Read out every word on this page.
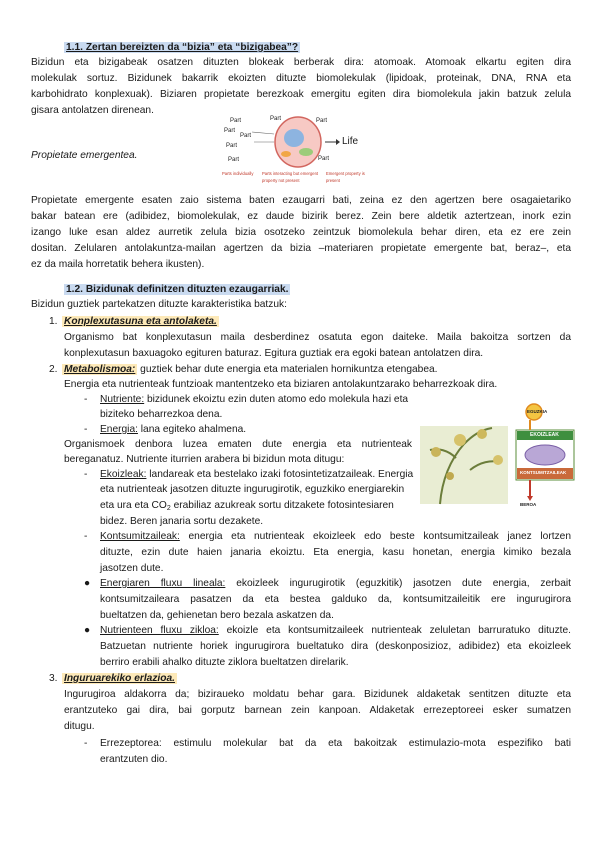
1.1. Zertan bereizten da “bizia” eta “bizigabea”?
Bizidun eta bizigabeak osatzen dituzten blokeak berberak dira: atomoak. Atomoak elkartu egiten dira
molekulak sortuz. Bizidunek bakarrik ekoizten dituzte biomolekulak (lipidoak, proteinak, DNA, RNA eta
karbohidrato konplexuak). Biziaren propietate berezkoak emergitu egiten dira biomolekula jakin batzuk zelula
gisara antolatzen direnean.
Propietate emergentea.
Part
Part
Part
Part
Part
Part	Part
Part
Life
Parts individually	Parts interacting but emergent property not present
Emergent property is present
Propietate emergente esaten zaio sistema baten ezaugarri bati, zeina ez den agertzen bere osagaietariko
bakar batean ere (adibidez, biomolekulak, ez daude bizirik berez. Zein bere aldetik aztertzean, inork ezin
izango luke esan aldez aurretik zelula bizia osotzeko zeintzuk biomolekula behar diren, eta ez ere zein
dositan. Zelularen antolakuntza-mailan agertzen da bizia –materiaren propietate emergente bat, beraz–, eta
ez da maila horretatik behera ikusten).
1.2. Bizidunak definitzen dituzten ezaugarriak.
Bizidun guztiek partekatzen dituzte karakteristika batzuk:
1. Konplexutasuna eta antolaketa.
Organismo bat konplexutasun maila desberdinez osatuta egon daiteke. Maila bakoitza sortzen da
konplexutasun baxuagoko egituren baturaz. Egitura guztiak era egoki batean antolatzen dira.
2. Metabolismoa: guztiek behar dute energia eta materialen hornikuntza etengabea.
Energia eta nutrienteak funtzioak mantentzeko eta biziaren antolakuntzarako beharrezkoak dira.
- Nutriente: bizidunek ekoiztu ezin duten atomo edo molekula hazi eta
biziteko beharrezkoa dena.
- Energia: lana egiteko ahalmena.
Organismoek denbora luzea ematen dute energia eta nutrienteak
bereganatuz. Nutriente iturrien arabera bi bizidun mota ditugu:
- Ekoizleak: landareak eta bestelako izaki fotosintetizatzaileak. Energia
eta nutrienteak jasotzen dituzte ingurugirotik, eguzkiko energiarekin
eta ura eta $CO_2$ erabiliaz azukreak sortu ditzakete fotosintesiaren
bidez. Beren janaria sortu dezakete.
EGUZKIA
EKOIZLEAK
KONTSUMITZAILEAK
BEROA
- Kontsumitzaileak: energia eta nutrienteak ekoizleek edo beste kontsumitzaileak janez lortzen
dituzte, ezin dute haien janaria ekoiztu. Eta energia, kasu honetan, energia kimiko bezala
jasotzen dute.
● Energiaren fluxu lineala: ekoizleek ingurugirotik (eguzkitik) jasotzen dute energia, zerbait
kontsumitzaileara pasatzen da eta bestea galduko da, kontsumitzaileitik ere ingurugirora
bueltatzen da, gehienetan bero bezala askatzen da.
● Nutrienteen fluxu zikloa: ekoizle eta kontsumitzaileek nutrienteak zeluletan barruratuko dituzte.
Batzuetan nutriente horiek ingurugirora bueltatuko dira (deskonposizioz, adibidez) eta ekoizleek
berriro erabili ahalko dituzte ziklora bueltatzen direlarik.
3. Inguruarekiko erlazioa.
Ingurugiroa aldakorra da; biziraueko moldatu behar gara. Bizidunek aldaketak sentitzen dituzte eta
erantzuteko gai dira, bai gorputz barnean zein kanpoan. Aldaketak errezeptoreei esker sumatzen
ditugu.
- Errezeptorea: estimulu molekular bat da eta bakoitzak estimulazio-mota espezifiko bati
erantzuten dio.
